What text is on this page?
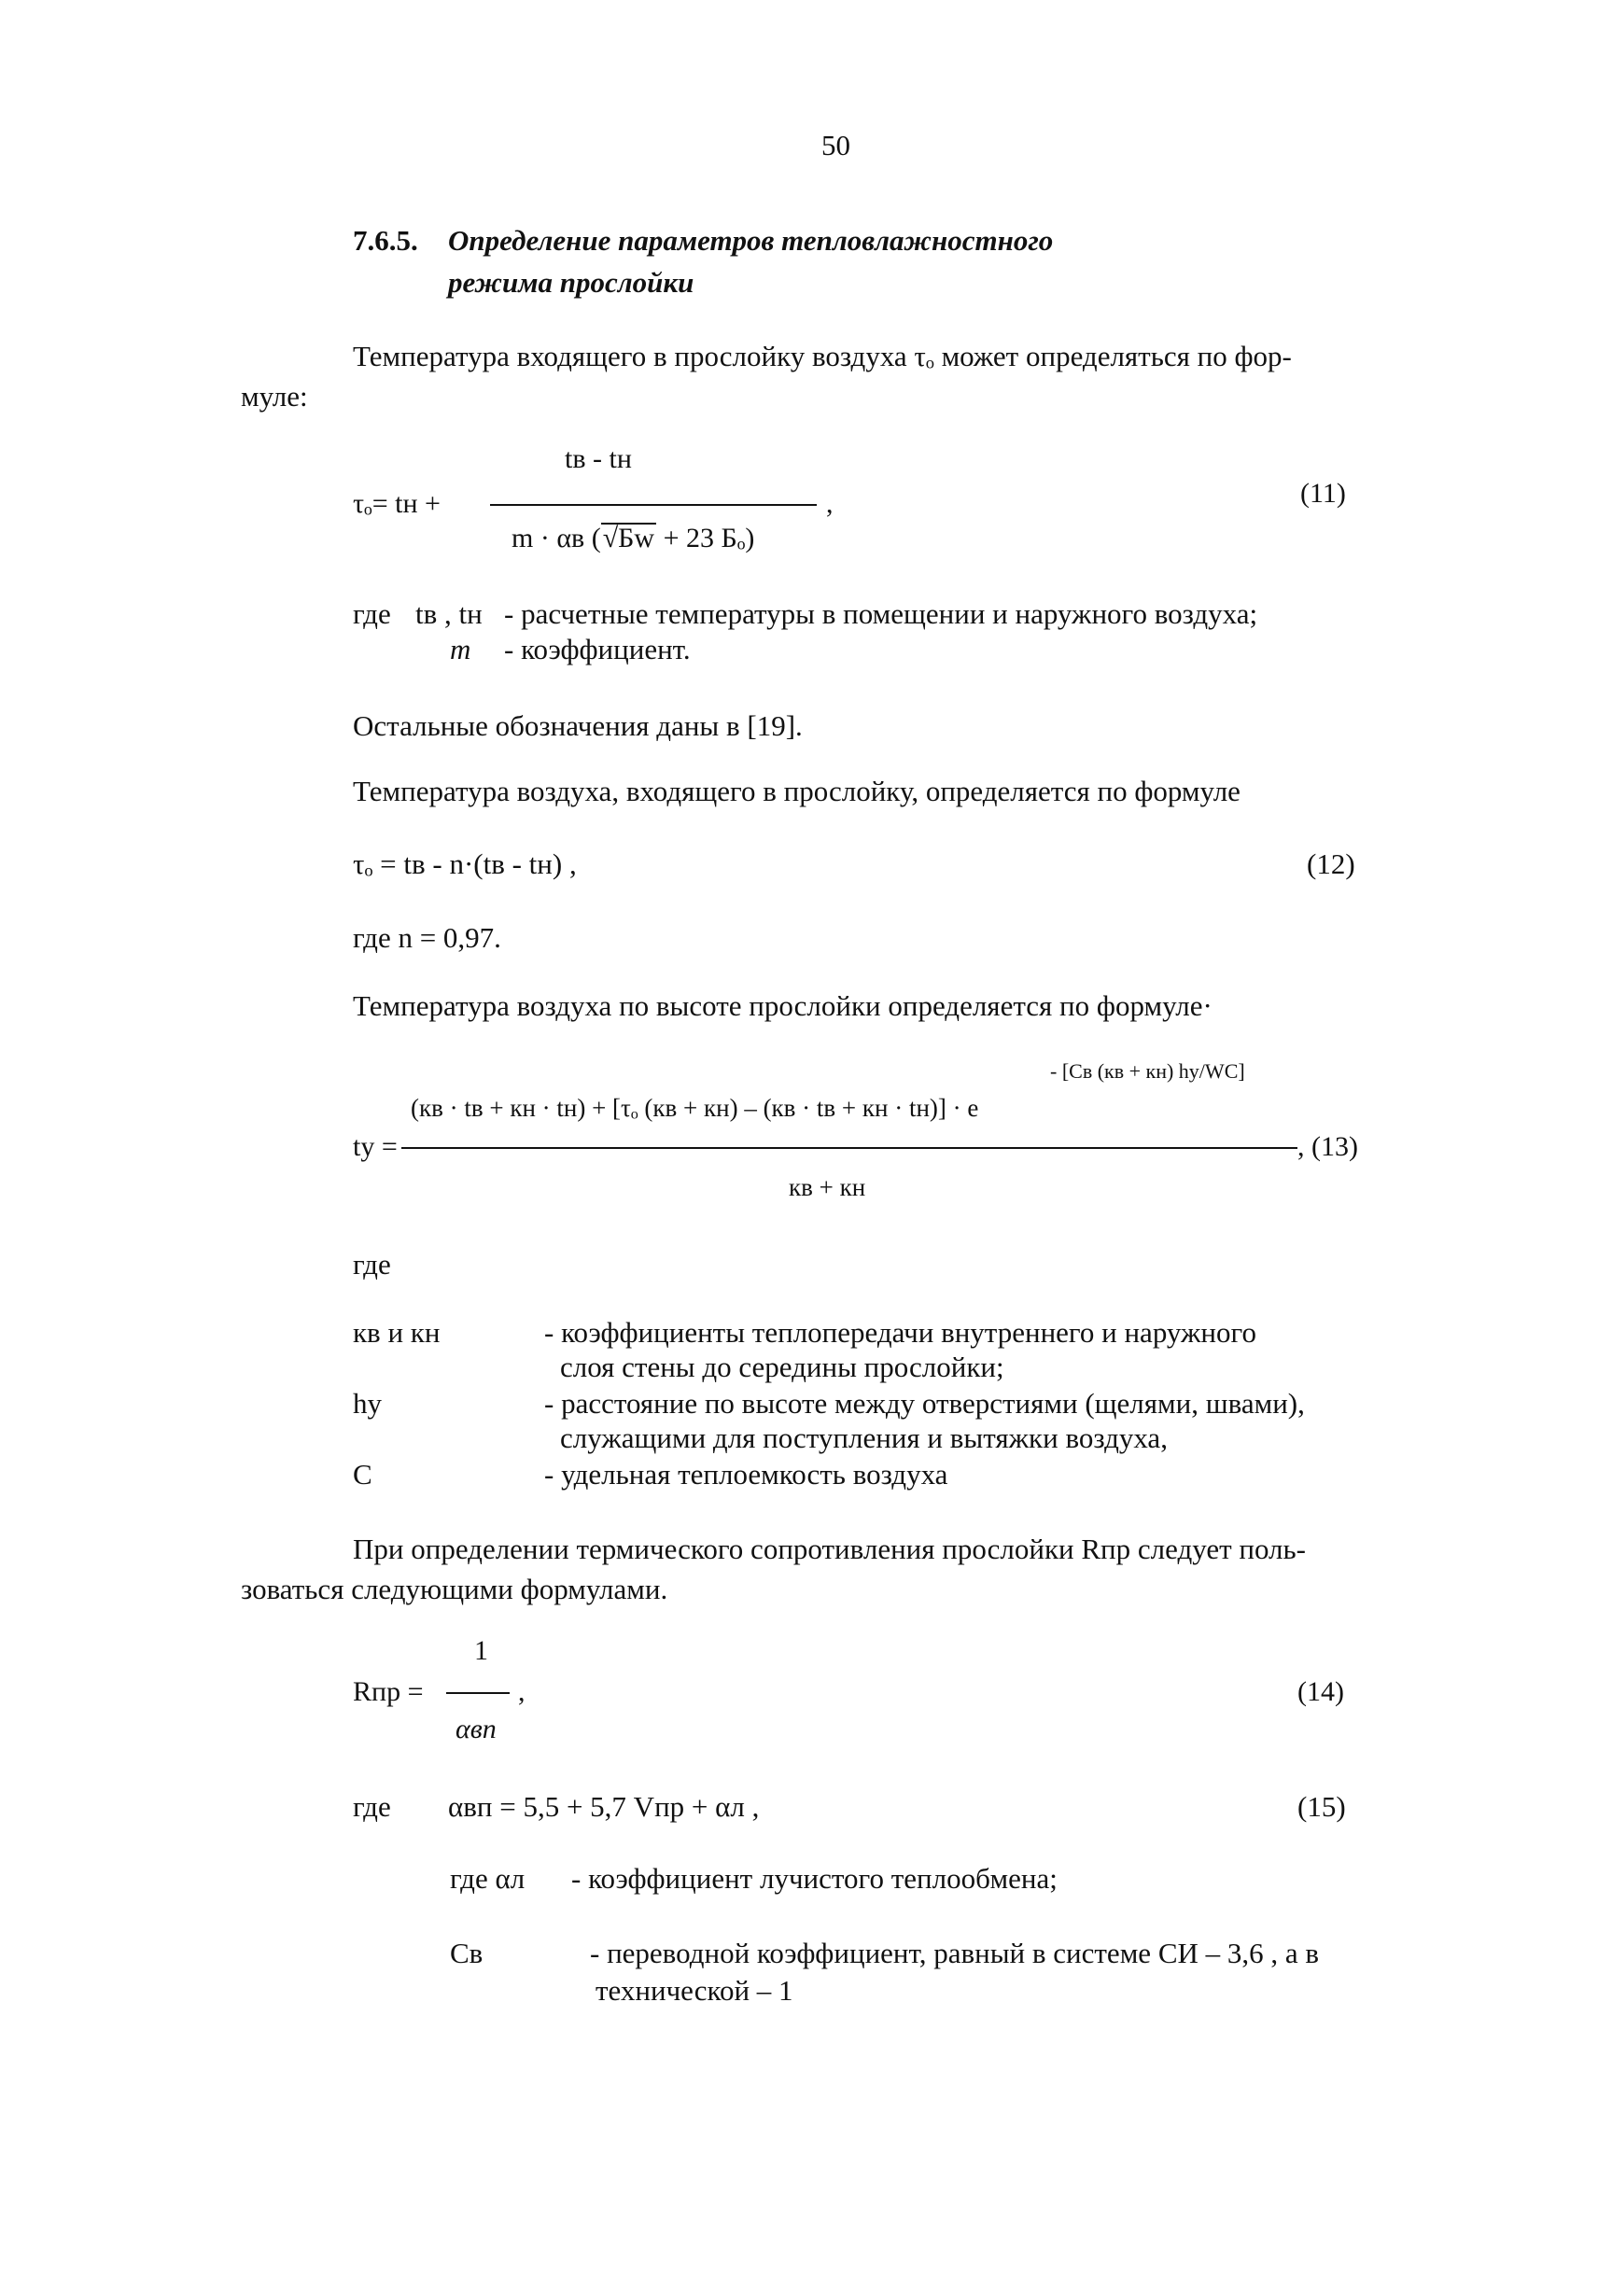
50
7.6.5. Определение параметров тепловлажностного
режима прослойки
Температура входящего в прослойку воздуха τₒ может определяться по фор-
муле:
tв - tн
τₒ= tн +	,
m · αв (√Бw + 23 Бₒ)
(11)
где tв , tн - расчетные температуры в помещении и наружного воздуха;
m - коэффициент.
Остальные обозначения даны в [19].
Температура воздуха, входящего в прослойку, определяется по формуле
τₒ = tв - n·(tв - tн) ,	(12)
где n = 0,97.
Температура воздуха по высоте прослойки определяется по формуле·
- [Cв (кв + кн) hу/WC]
(кв · tв + кн · tн) + [τₒ (кв + кн) – (кв · tв + кн · tн)] · e
tу =	, (13)
кв + кн
где
кв и кн	- коэффициенты теплопередачи внутреннего и наружного
слоя стены до середины прослойки;
hу	- расстояние по высоте между отверстиями (щелями, швами),
служащими для поступления и вытяжки воздуха,
C	- удельная теплоемкость воздуха
При определении термического сопротивления прослойки Rпр следует поль-
зоваться следующими формулами.
1
Rпр =	,
αвп
(14)
где αвп = 5,5 + 5,7 Vпр + αл ,	(15)
где αл - коэффициент лучистого теплообмена;
Cв	- переводной коэффициент, равный в системе СИ – 3,6 , а в
технической – 1
